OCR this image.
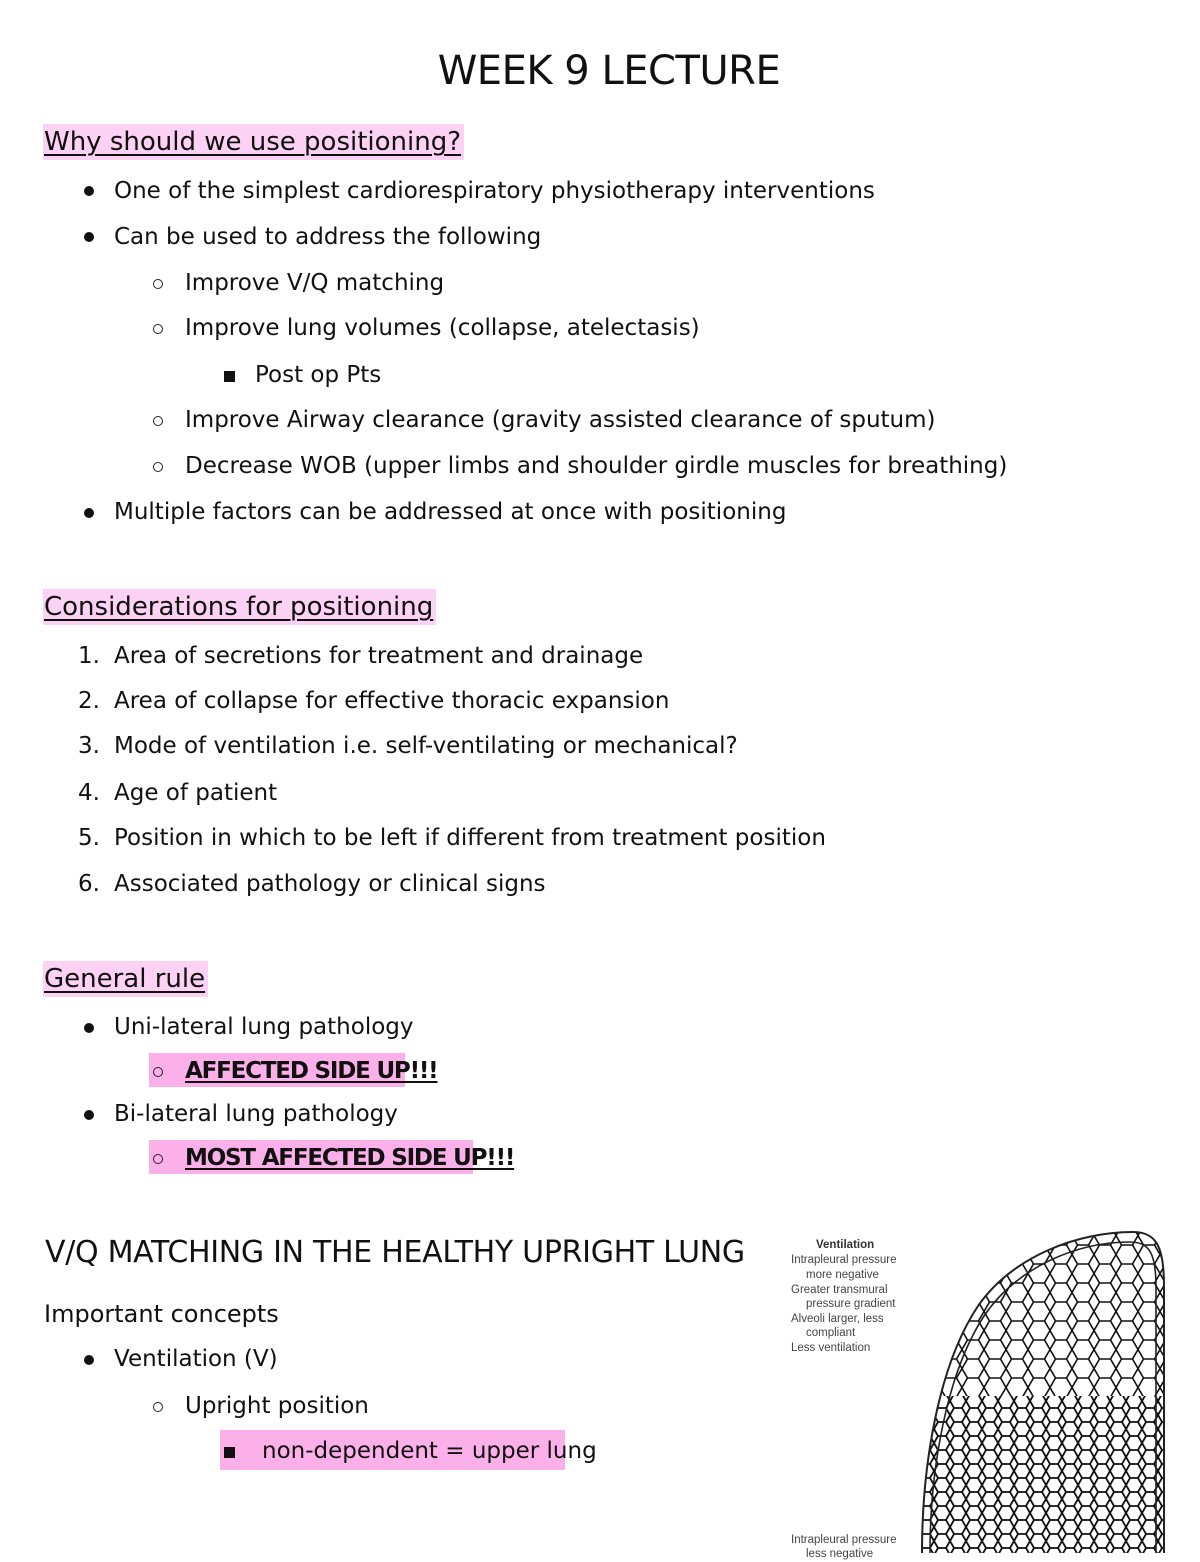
WEEK 9 LECTURE
Why should we use positioning?
One of the simplest cardiorespiratory physiotherapy interventions
Can be used to address the following
Improve V/Q matching
Improve lung volumes (collapse, atelectasis)
Post op Pts
Improve Airway clearance (gravity assisted clearance of sputum)
Decrease WOB (upper limbs and shoulder girdle muscles for breathing)
Multiple factors can be addressed at once with positioning
Considerations for positioning
1. Area of secretions for treatment and drainage
2. Area of collapse for effective thoracic expansion
3. Mode of ventilation i.e. self-ventilating or mechanical?
4. Age of patient
5. Position in which to be left if different from treatment position
6. Associated pathology or clinical signs
General rule
Uni-lateral lung pathology
AFFECTED SIDE UP!!!
Bi-lateral lung pathology
MOST AFFECTED SIDE UP!!!
V/Q MATCHING IN THE HEALTHY UPRIGHT LUNG
Important concepts
Ventilation (V)
Upright position
non-dependent = upper lung
Ventilation
Intrapleural pressure
more negative
Greater transmural
pressure gradient
Alveoli larger, less
compliant
Less ventilation
Intrapleural pressure
less negative
